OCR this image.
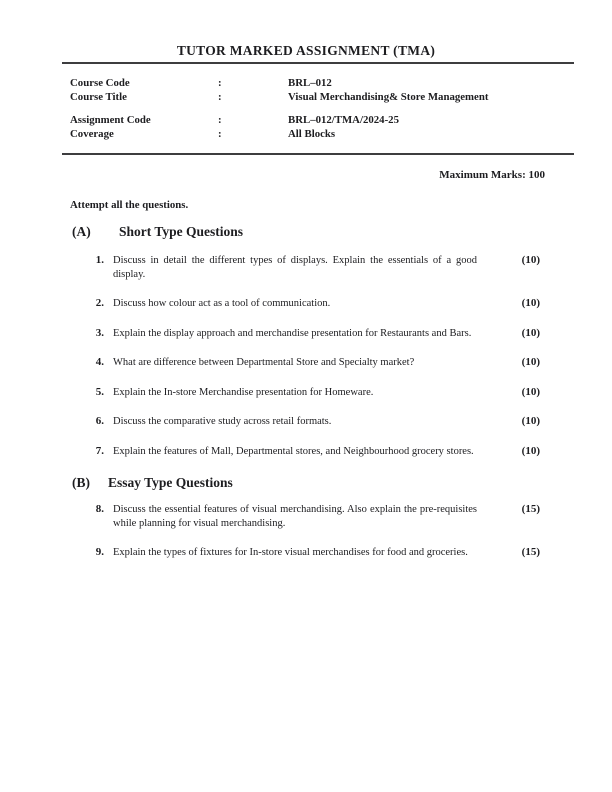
TUTOR MARKED ASSIGNMENT (TMA)
Course Code	:	BRL–012
Course Title	:	Visual Merchandising& Store Management
Assignment Code	:	BRL–012/TMA/2024-25
Coverage	:	All Blocks
Maximum Marks: 100
Attempt all the questions.
(A)	Short Type Questions
1. Discuss in detail the different types of displays. Explain the essentials of a good display.
(10)
2. Discuss how colour act as a tool of communication.	(10)
3. Explain the display approach and merchandise presentation for Restaurants and Bars.	(10)
4. What are difference between Departmental Store and Specialty market?	(10)
5. Explain the In-store Merchandise presentation for Homeware.	(10)
6. Discuss the comparative study across retail formats.	(10)
7. Explain the features of Mall, Departmental stores, and Neighbourhood grocery stores.	(10)
(B)	Essay Type Questions
8. Discuss the essential features of visual merchandising. Also explain the pre-requisites while planning for visual merchandising.
(15)
9. Explain the types of fixtures for In-store visual merchandises for food and groceries.	(15)
